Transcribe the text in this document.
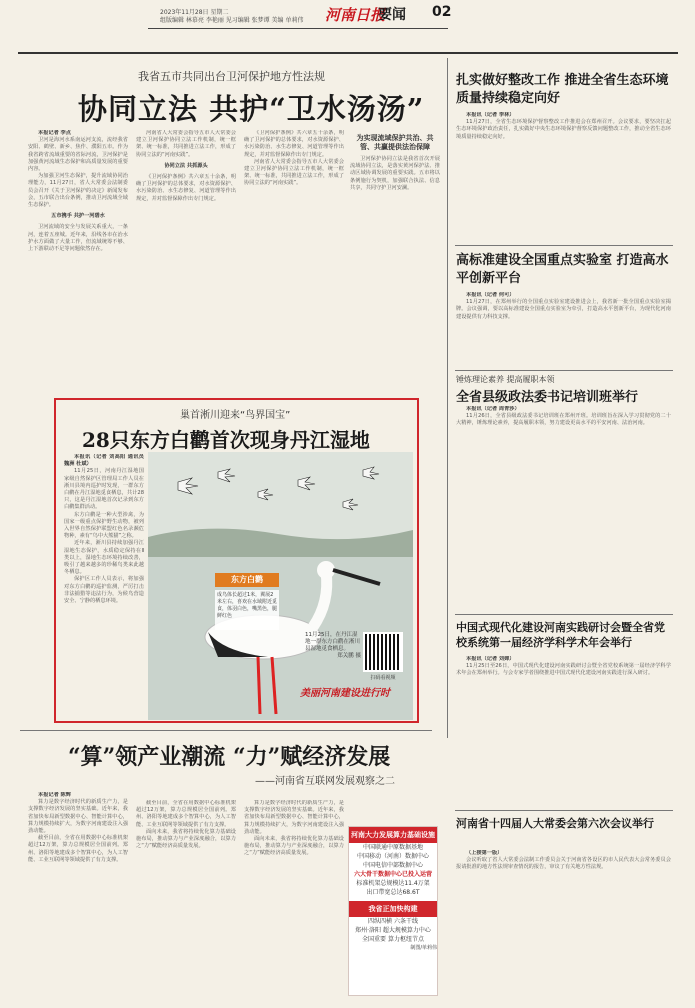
2023年11月28日 星期二
组版编辑 林慕亮 李艳丽 见习编辑 张梦谭 美编 单莉伟 河南日报
要闻 02
我省五市共同出台卫河保护地方性法规
协同立法 共护“卫水汤汤”

本报记者 李点

卫河是海河水系南运河支流，流经我省安阳、鹤壁、新乡、焦作、濮阳五市。作为我省跨省流域重要的省际河流，卫河保护是加强黄河流域生态保护和高质量发展的重要内容。

为加强卫河生态保护，提升流域协同治理能力，11月27日，省人大常委会法制委员会召开《关于卫河保护的决定》新闻发布会，五市联合出台条例，推动卫河流域全域生态保护。

五市携手 共护一河碧水

卫河流域的安全与发展关系重大，一条河，连着五座城。近年来，沿线各市在治水护水方面做了大量工作，但流域统筹不够、上下游联动不足等问题依然存在。

河南省人大常委会指导五市人大常委会建立卫河保护协同立法工作机制，统一框架、统一标准，共同推进立法工作，形成了协同立法的“河南实践”。

协同立法 共抓源头

《卫河保护条例》共六章五十余条，明确了卫河保护的总体要求，对水资源保护、水污染防治、水生态修复、河道管理等作出规定，并对监督保障作出专门规定。

《卫河保护条例》共六章五十余条，明确了卫河保护的总体要求，对水资源保护、水污染防治、水生态修复、河道管理等作出规定，并对监督保障作出专门规定。

河南省人大常委会指导五市人大常委会建立卫河保护协同立法工作机制，统一框架、统一标准，共同推进立法工作，形成了协同立法的“河南实践”。

为实现流域保护共治、共管、共赢提供法治保障

卫河保护协同立法是我省首次开展流域协同立法，是落实黄河保护法、推动区域协调发展的重要实践。五市将以条例施行为契机，加强联合执法、信息共享，共同守护卫河安澜。

巢首淅川迎来“鸟界国宝”
28只东方白鹳首次现身丹江湿地

本报讯（记者 刘高阳 通讯员 魏洲 杜斌）

11月25日，河南丹江湿地国家级自然保护区管理局工作人员在淅川县境内巡护时发现，一群东方白鹳在丹江湿地觅食栖息，共计28只，这是丹江湿地首次记录到东方白鹳集群活动。

东方白鹳是一种大型涉禽，为国家一级重点保护野生动物，被列入世界自然保护联盟红色名录濒危物种，素有“鸟中大熊猫”之称。

近年来，淅川县持续加强丹江湿地生态保护，水质稳定保持在Ⅱ类以上，湿地生态环境持续改善，吸引了越来越多的珍稀鸟类来此越冬栖息。

保护区工作人员表示，将加强对东方白鹳的巡护监测，严厉打击非法捕猎等违法行为，为候鸟营造安全、宁静的栖息环境。

东方白鹳
成鸟体长超过1米，翼展2米左右，喜欢在水域附近觅食，体羽白色，嘴黑色，腿鲜红色
11月25日，在丹江湿地一群东方白鹳在淅川县湿地觅食栖息。
郑关鹏 摄
扫码看视频
美丽河南建设进行时
“算”领产业潮流 “力”赋经济发展
——河南省互联网发展观察之二

本报记者 陈辉

算力是数字经济时代的新质生产力，是支撑数字经济发展的坚实基础。近年来，我省加快布局新型数据中心、智能计算中心，算力规模持续扩大，为数字河南建设注入强劲动能。

截至目前，全省在用数据中心标准机架超过12万架，算力总规模居全国前列。郑州、洛阳等地建成多个智算中心，为人工智能、工业互联网等领域提供了有力支撑。

截至目前，全省在用数据中心标准机架超过12万架，算力总规模居全国前列。郑州、洛阳等地建成多个智算中心，为人工智能、工业互联网等领域提供了有力支撑。

面向未来，我省将持续优化算力基础设施布局，推动算力与产业深度融合，以算力之“力”赋能经济高质量发展。

算力是数字经济时代的新质生产力，是支撑数字经济发展的坚实基础。近年来，我省加快布局新型数据中心、智能计算中心，算力规模持续扩大，为数字河南建设注入强劲动能。

面向未来，我省将持续优化算力基础设施布局，推动算力与产业深度融合，以算力之“力”赋能经济高质量发展。

河南大力发展算力基础设施
中国联通中原数据基地
中国移动（河南）数据中心
中国电信中部数据中心
六大骨干数据中心已投入运营
标准机架总规模达11.4万架
出口带宽总达68.6T
我省正加快构建
四纵四横 六条干线
郑州·洛阳 超大规模算力中心
全国重要 算力枢纽节点
制图/单莉伟
扎实做好整改工作 推进全省生态环境质量持续稳定向好

本报讯（记者 李林）

11月27日，全省生态环境保护督察整改工作推进会在郑州召开。会议要求，要坚决扛起生态环境保护政治责任，扎实做好中央生态环境保护督察反馈问题整改工作，推动全省生态环境质量持续稳定向好。

高标准建设全国重点实验室 打造高水平创新平台

本报讯（记者 何可）

11月27日，在郑州举行的全国重点实验室建设推进会上，我省新一批全国重点实验室揭牌。会议强调，要以高标准建设全国重点实验室为牵引，打造高水平创新平台，为现代化河南建设提供有力科技支撑。

锤炼理论素养 提高履职本领
全省县级政法委书记培训班举行

本报讯（记者 周青莎）

11月26日，全省县级政法委书记培训班在郑州开班。培训班旨在深入学习贯彻党的二十大精神，锤炼理论素养，提高履职本领，努力建设更高水平的平安河南、法治河南。

中国式现代化建设河南实践研讨会暨全省党校系统第一届经济学科学术年会举行

本报讯（记者 刘婵）

11月25日至26日，中国式现代化建设河南实践研讨会暨全省党校系统第一届经济学科学术年会在郑州举行。与会专家学者围绕推进中国式现代化建设河南实践进行深入研讨。

河南省十四届人大常委会第六次会议举行

（上接第一版）

会议听取了省人大常委会法制工作委员会关于河南省各设区的市人民代表大会常务委员会报请批准的地方性法规审查情况的报告，审议了有关地方性法规。
